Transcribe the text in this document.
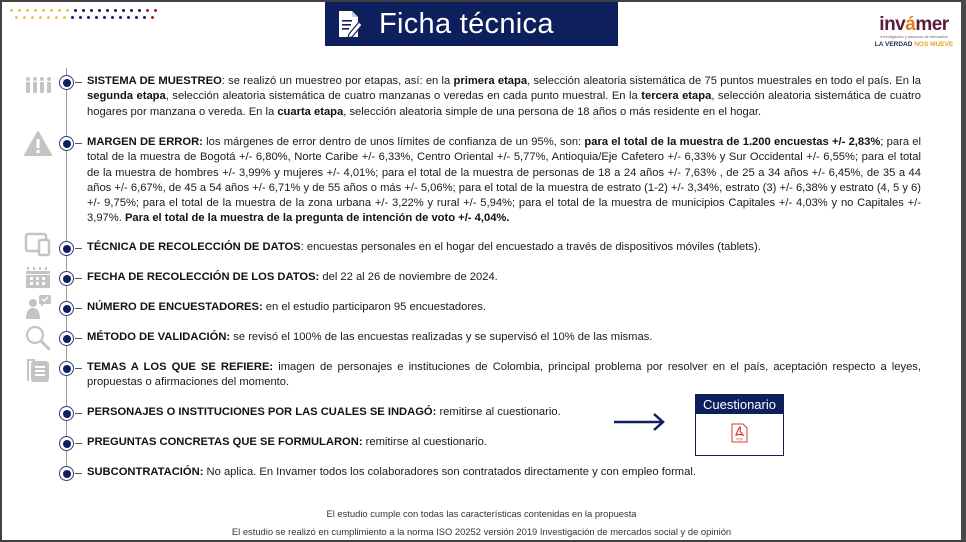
Ficha técnica	invámer
investigación y asesoría de mercados
LA VERDAD NOS MUEVE
SISTEMA DE MUESTREO: se realizó un muestreo por etapas, así: en la primera etapa, selección aleatoria sistemática de 75 puntos muestrales en todo el país. En la segunda etapa, selección aleatoria sistemática de cuatro manzanas o veredas en cada punto muestral. En la tercera etapa, selección aleatoria sistemática de cuatro hogares por manzana o vereda. En la cuarta etapa, selección aleatoria simple de una persona de 18 años o más residente en el hogar.
MARGEN DE ERROR: los márgenes de error dentro de unos límites de confianza de un 95%, son: para el total de la muestra de 1.200 encuestas +/- 2,83%; para el total de la muestra de Bogotá +/- 6,80%, Norte Caribe +/- 6,33%, Centro Oriental +/- 5,77%, Antioquia/Eje Cafetero +/- 6,33% y Sur Occidental +/- 6,55%; para el total de la muestra de hombres +/- 3,99% y mujeres +/- 4,01%; para el total de la muestra de personas de 18 a 24 años +/- 7,63% , de 25 a 34 años +/- 6,45%, de 35 a 44 años +/- 6,67%, de 45 a 54 años +/- 6,71% y de 55 años o más +/- 5,06%; para el total de la muestra de estrato (1-2) +/- 3,34%, estrato (3) +/- 6,38% y estrato (4, 5 y 6) +/- 9,75%; para el total de la muestra de la zona urbana +/- 3,22% y rural +/- 5,94%; para el total de la muestra de municipios Capitales +/- 4,03% y no Capitales +/- 3,97%. Para el total de la muestra de la pregunta de intención de voto +/- 4,04%.
TÉCNICA DE RECOLECCIÓN DE DATOS: encuestas personales en el hogar del encuestado a través de dispositivos móviles (tablets).
FECHA DE RECOLECCIÓN DE LOS DATOS: del 22 al 26 de noviembre de 2024.
NÚMERO DE ENCUESTADORES: en el estudio participaron 95 encuestadores.
MÉTODO DE VALIDACIÓN: se revisó el 100% de las encuestas realizadas y se supervisó el 10% de las mismas.
TEMAS A LOS QUE SE REFIERE: imagen de personajes e instituciones de Colombia, principal problema por resolver en el país, aceptación respecto a leyes, propuestas o afirmaciones del momento.
PERSONAJES O INSTITUCIONES POR LAS CUALES SE INDAGÓ: remitirse al cuestionario.
PREGUNTAS CONCRETAS QUE SE FORMULARON: remitirse al cuestionario.
SUBCONTRATACIÓN: No aplica. En Invamer todos los colaboradores son contratados directamente y con empleo formal.
Cuestionario
PDF
El estudio cumple con todas las características contenidas en la propuesta
El estudio se realizó en cumplimiento a la norma ISO 20252 versión 2019 Investigación de mercados social y de opinión
